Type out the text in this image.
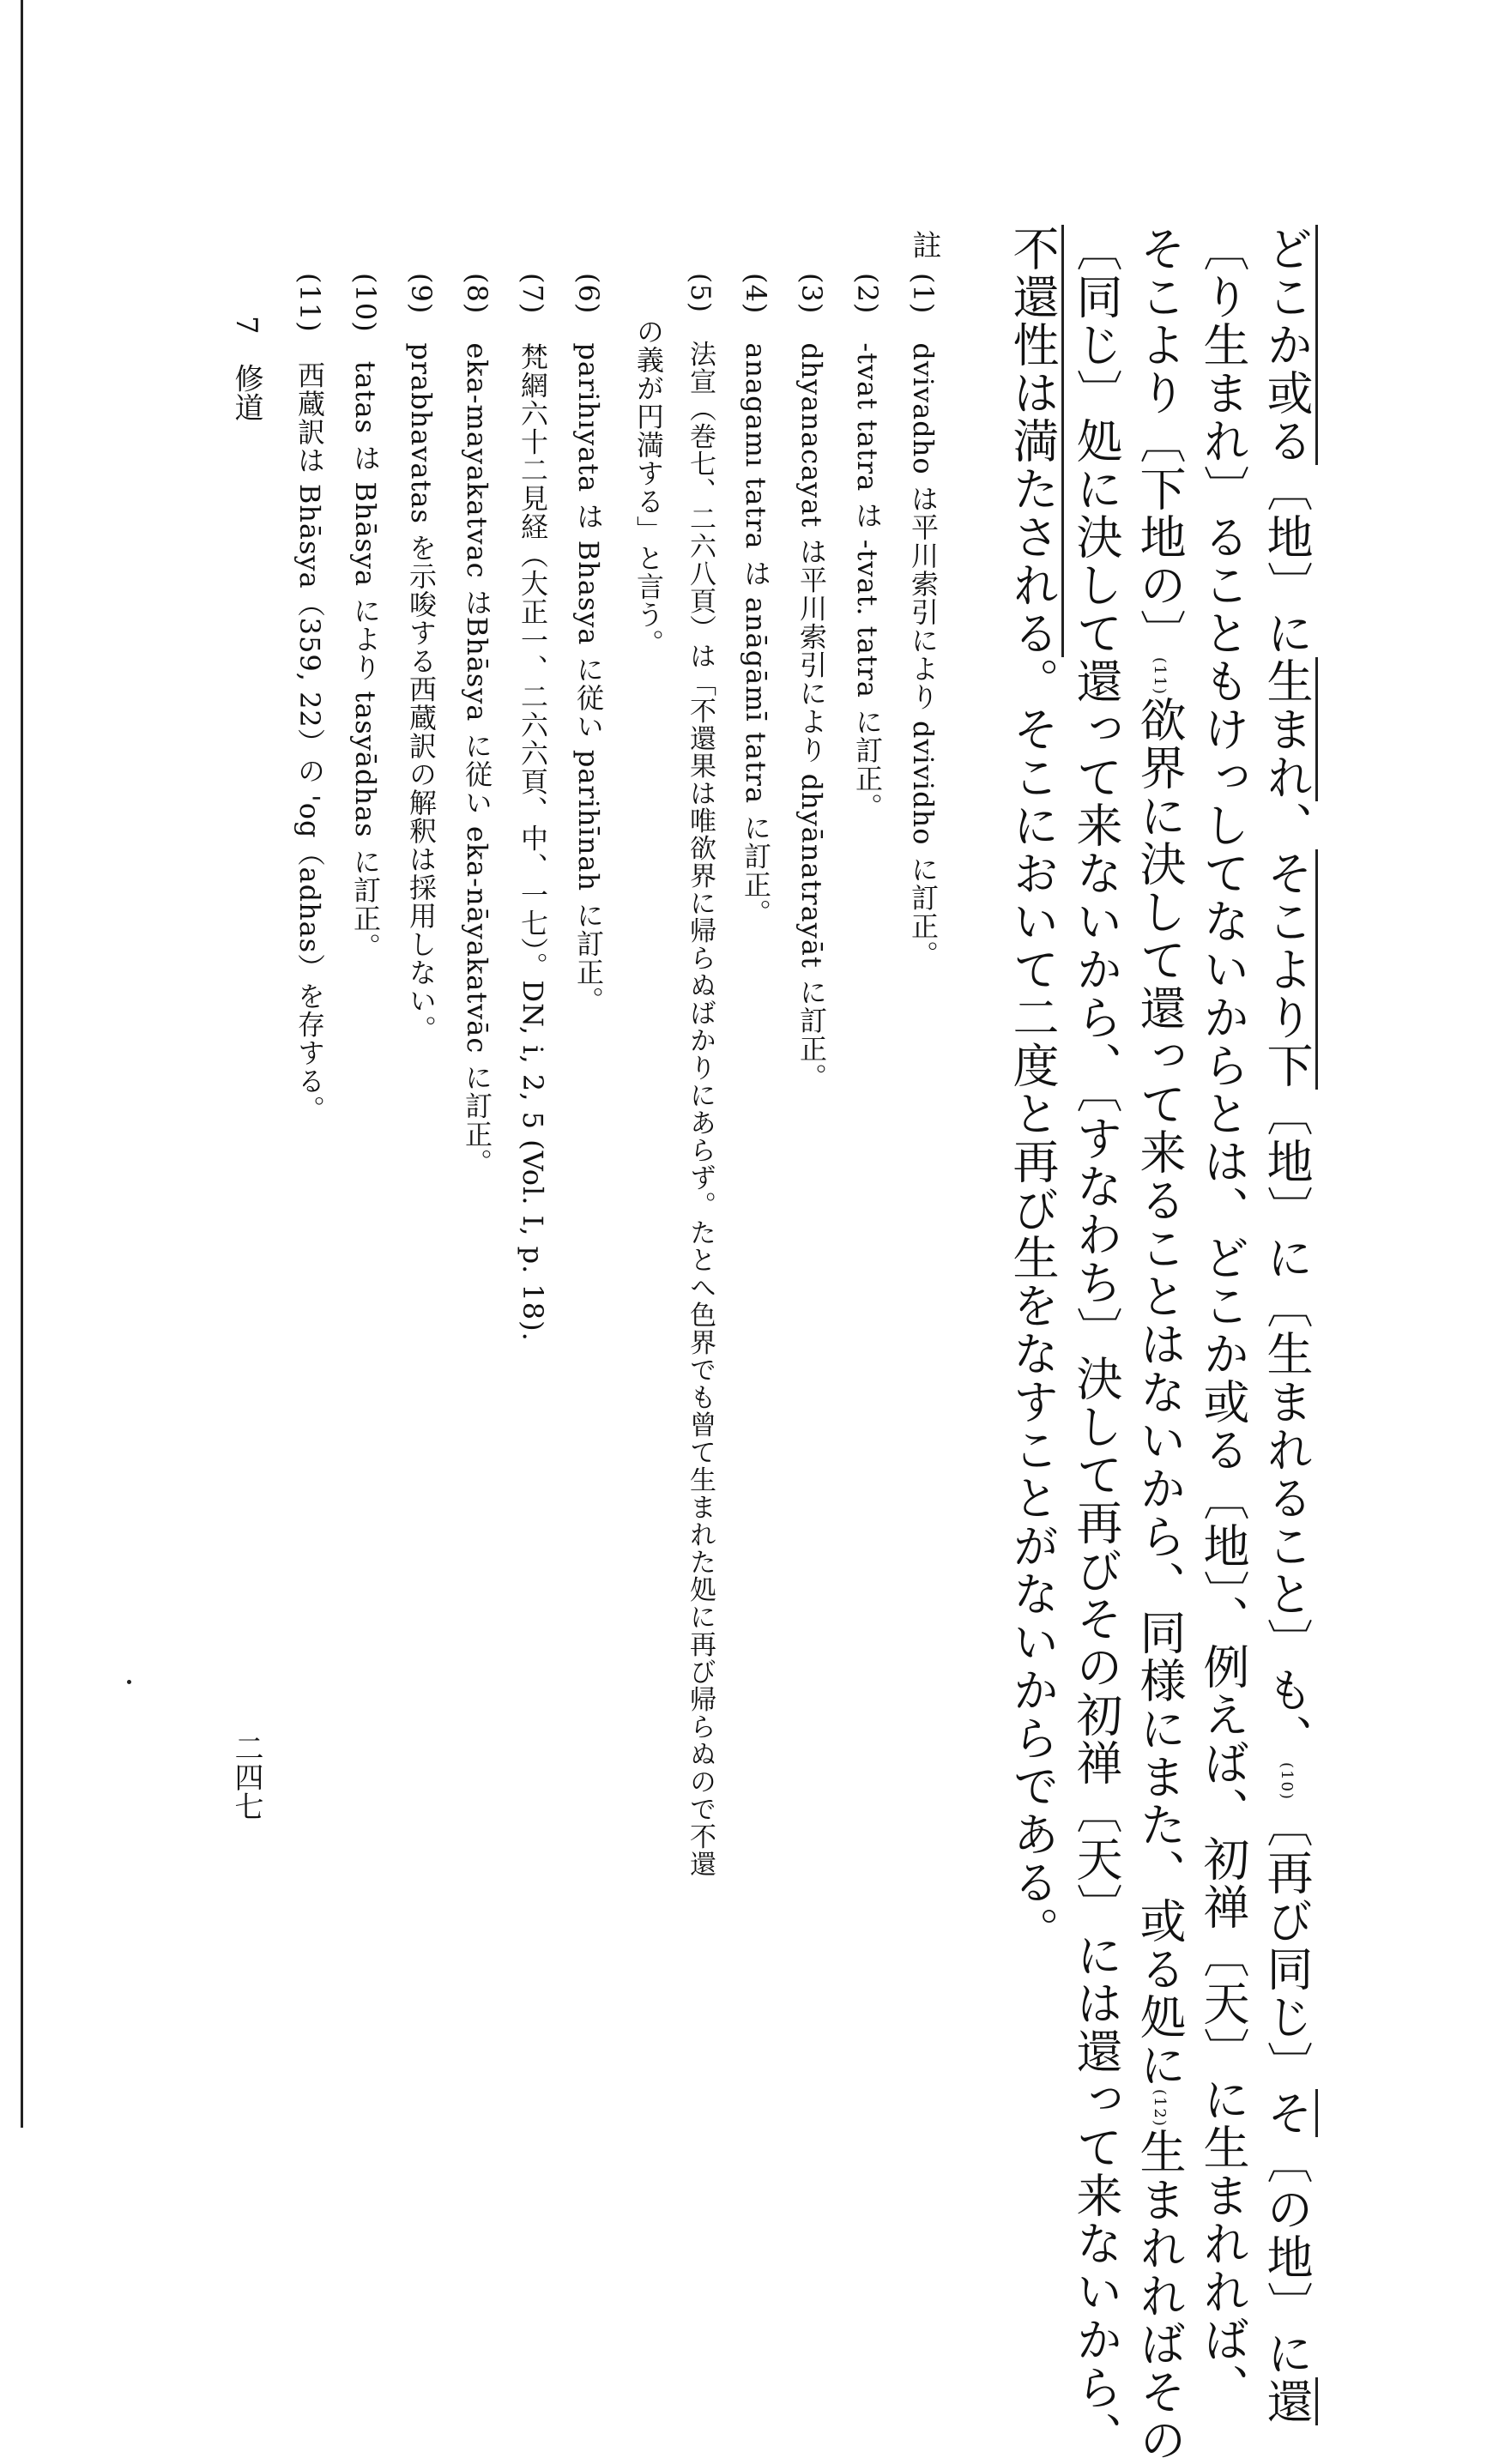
どこか或る〔地〕に生まれ、そこより下〔地〕に〔生まれること〕も、(10)〔再び同じ〕そ〔の地〕に還
〔り生まれ〕ることもけっしてないからとは、どこか或る〔地〕、例えば、初禅〔天〕に生まれれば、
そこより〔下地の〕(11)欲界に決して還って来ることはないから、同様にまた、或る処に(12)生まれればその
〔同じ〕処に決して還って来ないから、〔すなわち〕決して再びその初禅〔天〕には還って来ないから、
不還性は満たされる。そこにおいて二度と再び生をなすことがないからである。
註
(1)　dvivadho は平川索引により dvividho に訂正。
(2)　-tvat tatra は -tvat. tatra に訂正。
(3)　dhyanacayat は平川索引により dhyānatrayāt に訂正。
(4)　anagamı tatra は anāgāmī tatra に訂正。
(5)　法宣（巻七、二六八頁）は「不還果は唯欲界に帰らぬばかりにあらず。たとへ色界でも曾て生まれた処に再び帰らぬので不還
の義が円満する」と言う。
(6)　parihıyata は Bhasya に従い parihīnah に訂正。
(7)　梵網六十二見経（大正一、二六六頁、中、一七）。DN, i, 2, 5 (Vol. I, p. 18).
(8)　eka-mayakatvac はBhāsya に従い eka-nāyakatvāc に訂正。
(9)　prabhavatas を示唆する西蔵訳の解釈は採用しない。
(10)　tatas は Bhāsya により tasyādhas に訂正。
(11)　西蔵訳は Bhāsya（359, 22）の 'og（adhas）を存する。
7　修道
二四七
